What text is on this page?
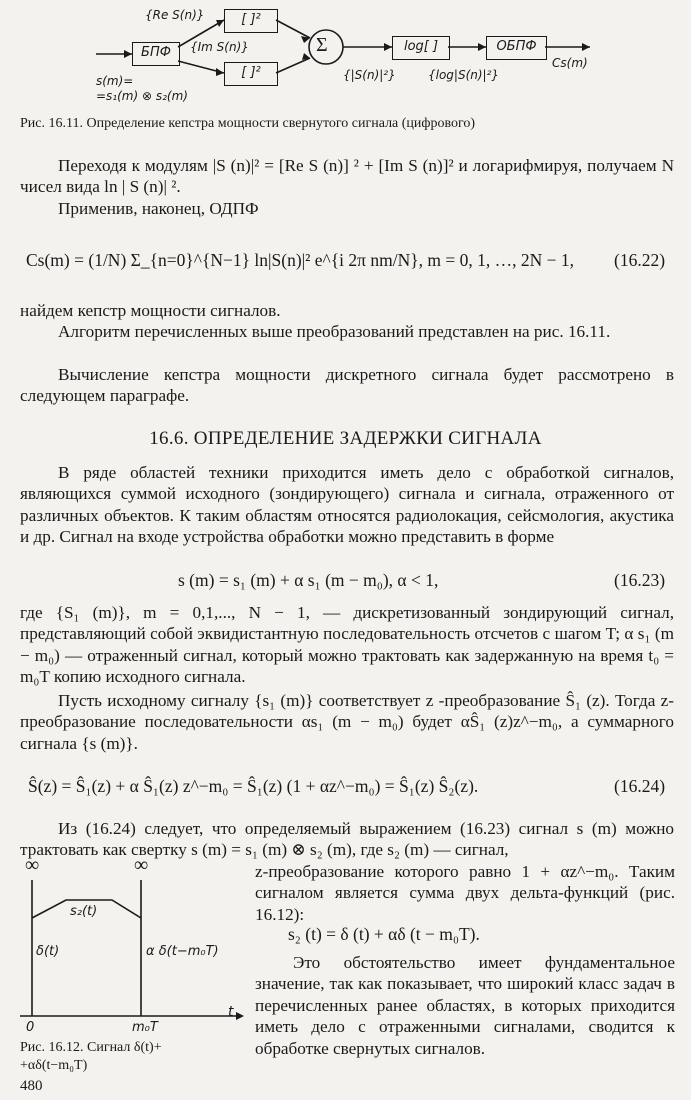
{Re S(n)}
{Im S(n)}
БПФ
[ ]²
[ ]²
Σ	log[ ]	ОБПФ
{|S(n)|²}	{log|S(n)|²}
Cs(m)
s(m)=
=s₁(m) ⊗ s₂(m)
Рис. 16.11. Определение кепстра мощности свернутого сигнала (цифрового)

Переходя к модулям |S (n)|² = [Re S (n)] ² + [Im S (n)]² и логарифмируя, получаем N чисел вида ln | S (n)| ².

Применив, наконец, ОДПФ

Cs(m) = (1/N) Σ_{n=0}^{N−1} ln|S(n)|² e^{i 2π nm/N}, m = 0, 1, …, 2N − 1, (16.22)

найдем кепстр мощности сигналов.

Алгоритм перечисленных выше преобразований представлен на рис. 16.11.

Вычисление кепстра мощности дискретного сигнала будет рассмотрено в следующем параграфе.

16.6. ОПРЕДЕЛЕНИЕ ЗАДЕРЖКИ СИГНАЛА

В ряде областей техники приходится иметь дело с обработкой сигналов, являющихся суммой исходного (зондирующего) сигнала и сигнала, отраженного от различных объектов. К таким областям относятся радиолокация, сейсмология, акустика и др. Сигнал на входе устройства обработки можно представить в форме

s (m) = s₁ (m) + α s₁ (m − m₀), α < 1,	(16.23)

где {S₁ (m)}, m = 0,1,..., N − 1, — дискретизованный зондирующий сигнал, представляющий собой эквидистантную последовательность отсчетов с шагом T; α s₁ (m − m₀) — отраженный сигнал, который можно трактовать как задержанную на время t₀ = m₀T копию исходного сигнала.

Пусть исходному сигналу {s₁ (m)} соответствует z -преобразование Ŝ₁ (z). Тогда z-преобразование последовательности αs₁ (m − m₀) будет αŜ₁ (z)z^−m₀, а суммарного сигнала {s (m)}.

Ŝ(z) = Ŝ₁(z) + α Ŝ₁(z) z^−m₀ = Ŝ₁(z) (1 + αz^−m₀) = Ŝ₁(z) Ŝ₂(z).	(16.24)

Из (16.24) следует, что определяемый выражением (16.23) сигнал s (m) можно трактовать как свертку s (m) = s₁ (m) ⊗ s₂ (m), где s₂ (m) — сигнал,

z-преобразование которого равно 1 + αz^−m₀. Таким сигналом является сумма двух дельта-функций (рис. 16.12):

s₂ (t) = δ (t) + αδ (t − m₀T).

Это обстоятельство имеет фундаментальное значение, так как показывает, что широкий класс задач в перечисленных ранее областях, в которых приходится иметь дело с отраженными сигналами, сводится к обработке свернутых сигналов.

∞	∞
s₂(t)
δ(t)	α δ(t−m₀T)
0	m₀T
t
Рис. 16.12. Сигнал δ(t)+
+αδ(t−m₀T)
480
